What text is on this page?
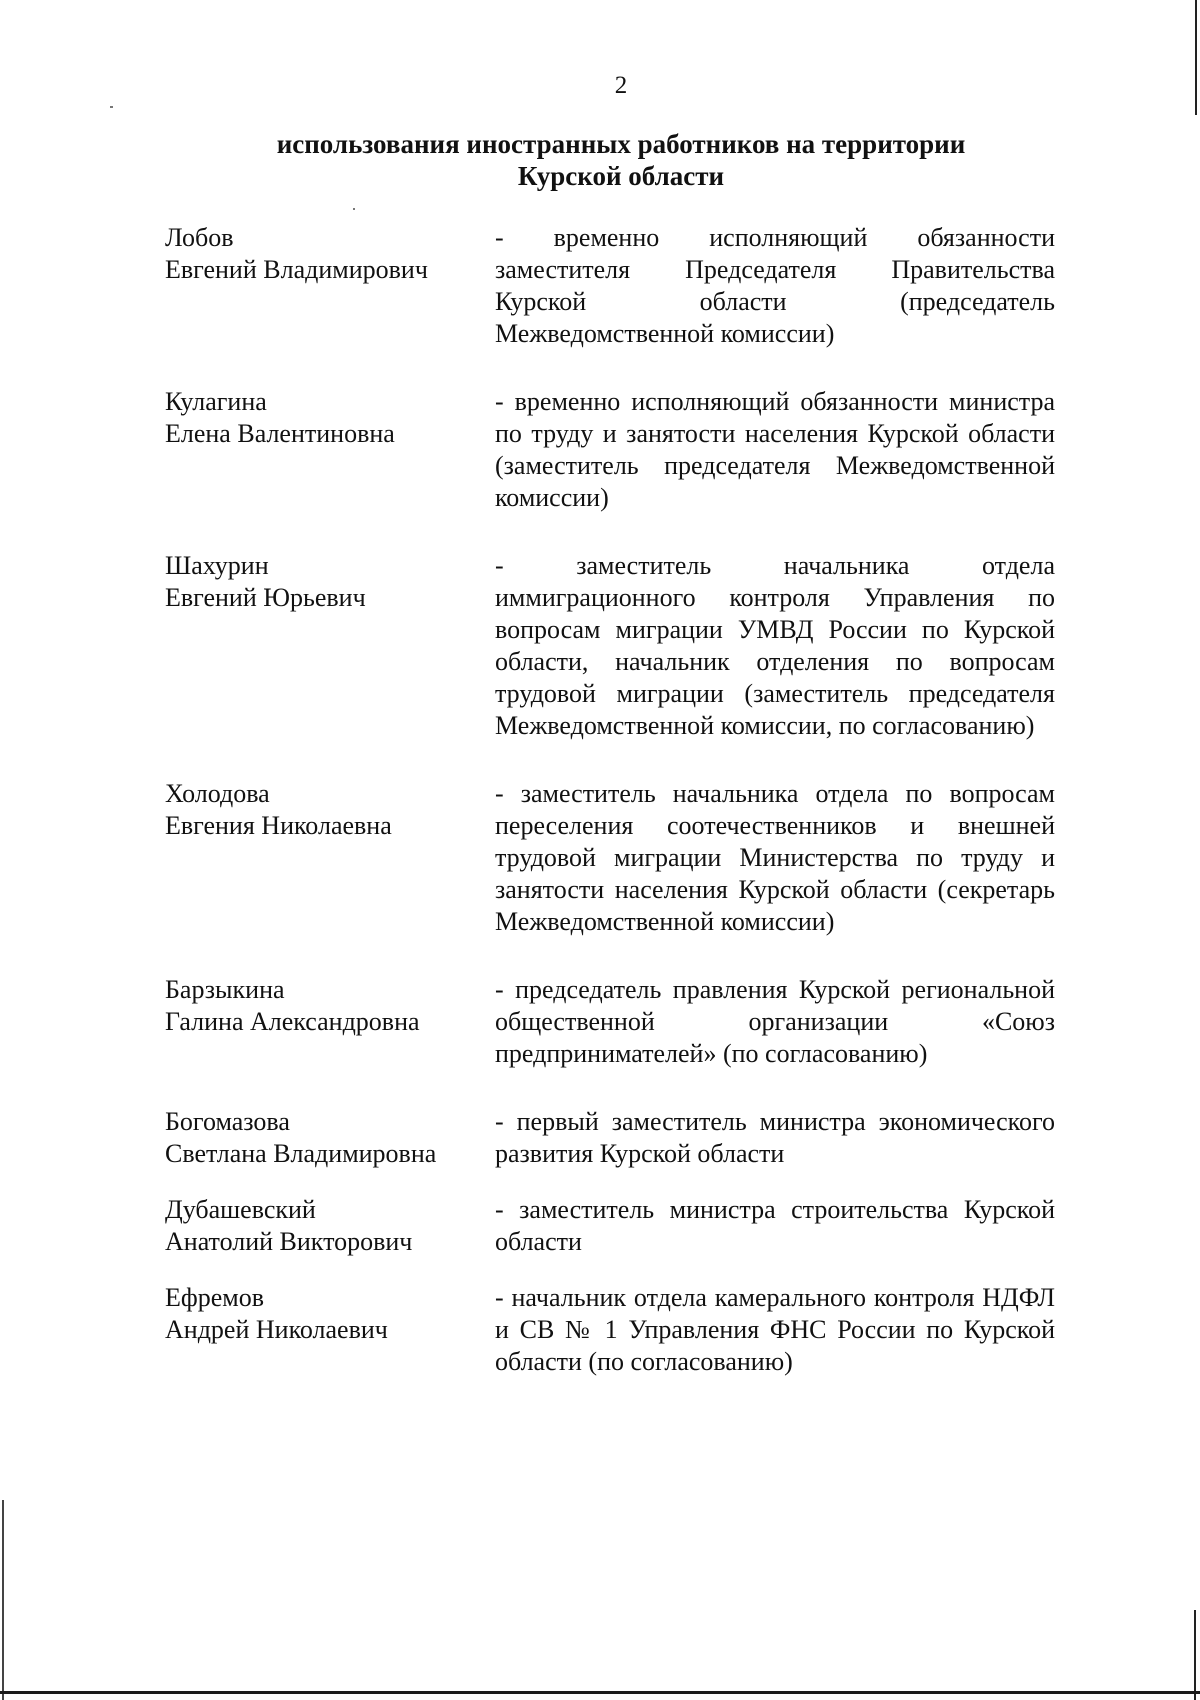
2
использования иностранных работников на территории
Курской области
Лобов
Евгений Владимирович
- временно исполняющий обязанности заместителя Председателя Правительства Курской области (председатель Межведомственной комиссии)
Кулагина
Елена Валентиновна
- временно исполняющий обязанности министра по труду и занятости населения Курской области (заместитель председателя Межведомственной комиссии)
Шахурин
Евгений Юрьевич
- заместитель начальника отдела иммиграционного контроля Управления по вопросам миграции УМВД России по Курской области, начальник отделения по вопросам трудовой миграции (заместитель председателя Межведомственной комиссии, по согласованию)
Холодова
Евгения Николаевна
- заместитель начальника отдела по вопросам переселения соотечественников и внешней трудовой миграции Министерства по труду и занятости населения Курской области (секретарь Межведомственной комиссии)
Барзыкина
Галина Александровна
- председатель правления Курской региональной общественной организации «Союз предпринимателей» (по согласованию)
Богомазова
Светлана Владимировна
- первый заместитель министра экономического развития Курской области
Дубашевский
Анатолий Викторович
- заместитель министра строительства Курской области
Ефремов
Андрей Николаевич
- начальник отдела камерального контроля НДФЛ и СВ № 1 Управления ФНС России по Курской области (по согласованию)
